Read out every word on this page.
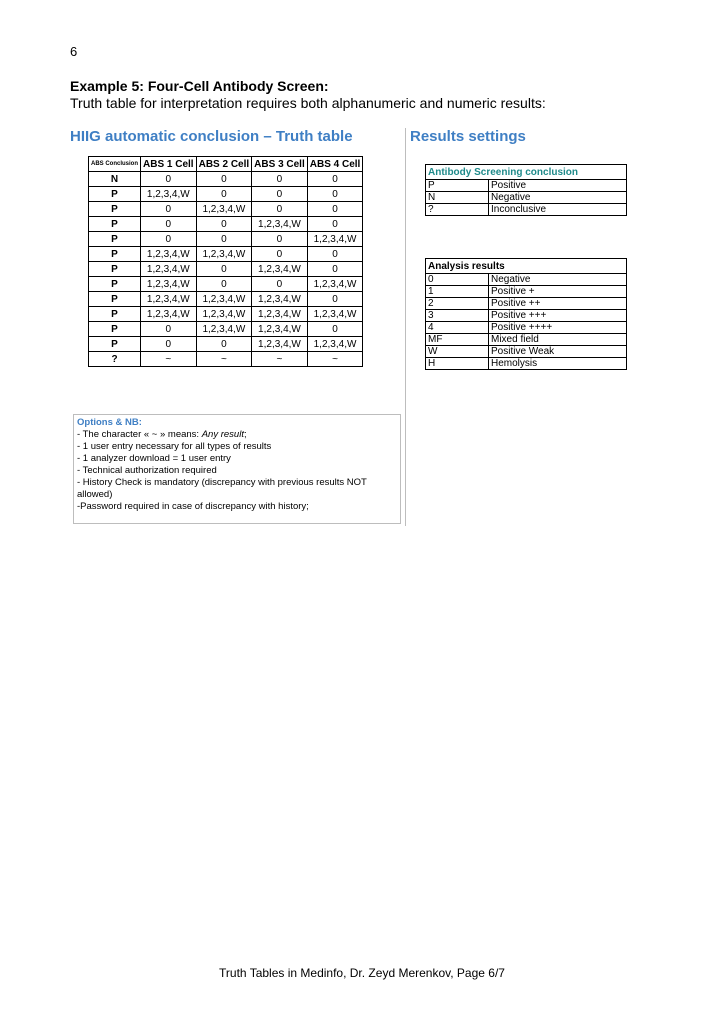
6
Example 5: Four-Cell Antibody Screen:
Truth table for interpretation requires both alphanumeric and numeric results:
HIIG automatic conclusion – Truth table	Results settings
ABS Conclusion	ABS 1 Cell	ABS 2 Cell	ABS 3 Cell	ABS 4 Cell
N	0	0	0	0
P	1,2,3,4,W	0	0	0
P	0	1,2,3,4,W	0	0
P	0	0	1,2,3,4,W	0
P	0	0	0	1,2,3,4,W
P	1,2,3,4,W	1,2,3,4,W	0	0
P	1,2,3,4,W	0	1,2,3,4,W	0
P	1,2,3,4,W	0	0	1,2,3,4,W
P	1,2,3,4,W	1,2,3,4,W	1,2,3,4,W	0
P	1,2,3,4,W	1,2,3,4,W	1,2,3,4,W	1,2,3,4,W
P	0	1,2,3,4,W	1,2,3,4,W	0
P	0	0	1,2,3,4,W	1,2,3,4,W
?	~	~	~	~
Antibody Screening conclusion	
P	Positive
N	Negative
?	Inconclusive
Analysis results	
0	Negative
1	Positive +
2	Positive ++
3	Positive +++
4	Positive ++++
MF	Mixed field
W	Positive Weak
H	Hemolysis
Options & NB:
- The character « ~ » means: Any result;
- 1 user entry necessary for all types of results
- 1 analyzer download = 1 user entry
- Technical authorization required
- History Check is mandatory (discrepancy with previous results NOT allowed)
-Password required in case of discrepancy with history;
Truth Tables in Medinfo, Dr. Zeyd Merenkov, Page 6/7
